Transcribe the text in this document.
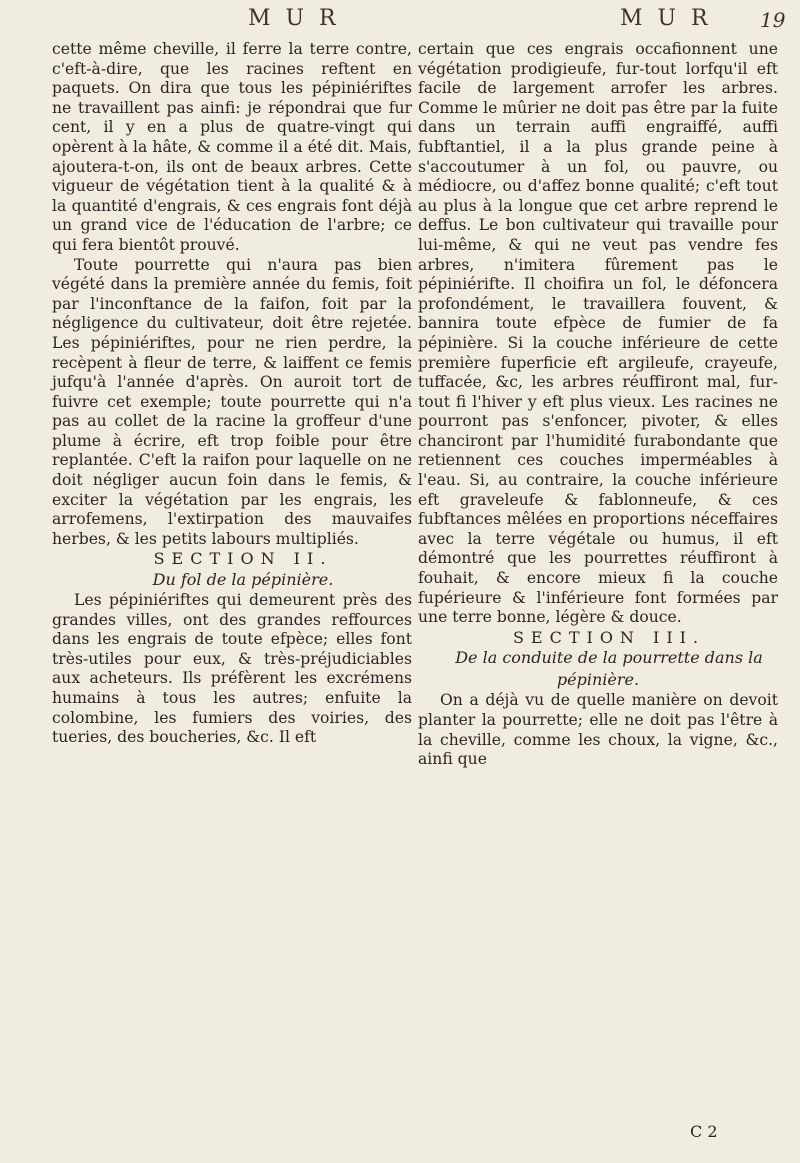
M U R	M U R 19

cette même cheville, il ferre la terre contre, c'eft-à-dire, que les racines reftent en paquets. On dira que tous les pépiniériftes ne travaillent pas ainfi: je répondrai que fur cent, il y en a plus de quatre-vingt qui opèrent à la hâte, & comme il a été dit. Mais, ajoutera-t-on, ils ont de beaux arbres. Cette vigueur de végétation tient à la qualité & à la quantité d'engrais, & ces engrais font déjà un grand vice de l'éducation de l'arbre; ce qui fera bientôt prouvé.

Toute pourrette qui n'aura pas bien végété dans la première année du femis, foit par l'inconftance de la faifon, foit par la négligence du cultivateur, doit être rejetée. Les pépiniériftes, pour ne rien perdre, la recèpent à fleur de terre, & laiffent ce femis jufqu'à l'année d'après. On auroit tort de fuivre cet exemple; toute pourrette qui n'a pas au collet de la racine la groffeur d'une plume à écrire, eft trop foible pour être replantée. C'eft la raifon pour laquelle on ne doit négliger aucun foin dans le femis, & exciter la végétation par les engrais, les arrofemens, l'extirpation des mauvaifes herbes, & les petits labours multipliés.

SECTION II.

Du fol de la pépinière.

Les pépiniériftes qui demeurent près des grandes villes, ont des grandes reffources dans les engrais de toute efpèce; elles font très-utiles pour eux, & très-préjudiciables aux acheteurs. Ils préfèrent les excrémens humains à tous les autres; enfuite la colombine, les fumiers des voiries, des tueries, des boucheries, &c. Il eft

certain que ces engrais occafionnent une végétation prodigieufe, fur-tout lorfqu'il eft facile de largement arrofer les arbres. Comme le mûrier ne doit pas être par la fuite dans un terrain auffi engraiffé, auffi fubftantiel, il a la plus grande peine à s'accoutumer à un fol, ou pauvre, ou médiocre, ou d'affez bonne qualité; c'eft tout au plus à la longue que cet arbre reprend le deffus. Le bon cultivateur qui travaille pour lui-même, & qui ne veut pas vendre fes arbres, n'imitera fûrement pas le pépiniérifte. Il choifira un fol, le défoncera profondément, le travaillera fouvent, & bannira toute efpèce de fumier de fa pépinière. Si la couche inférieure de cette première fuperficie eft argileufe, crayeufe, tuffacée, &c, les arbres réuffiront mal, fur-tout fi l'hiver y eft plus vieux. Les racines ne pourront pas s'enfoncer, pivoter, & elles chanciront par l'humidité furabondante que retiennent ces couches imperméables à l'eau. Si, au contraire, la couche inférieure eft graveleufe & fablonneufe, & ces fubftances mêlées en proportions néceffaires avec la terre végétale ou humus, il eft démontré que les pourrettes réuffiront à fouhait, & encore mieux fi la couche fupérieure & l'inférieure font formées par une terre bonne, légère & douce.

SECTION III.

De la conduite de la pourrette dans la pépinière.

On a déjà vu de quelle manière on devoit planter la pourrette; elle ne doit pas l'être à la cheville, comme les choux, la vigne, &c., ainfi que

C 2
